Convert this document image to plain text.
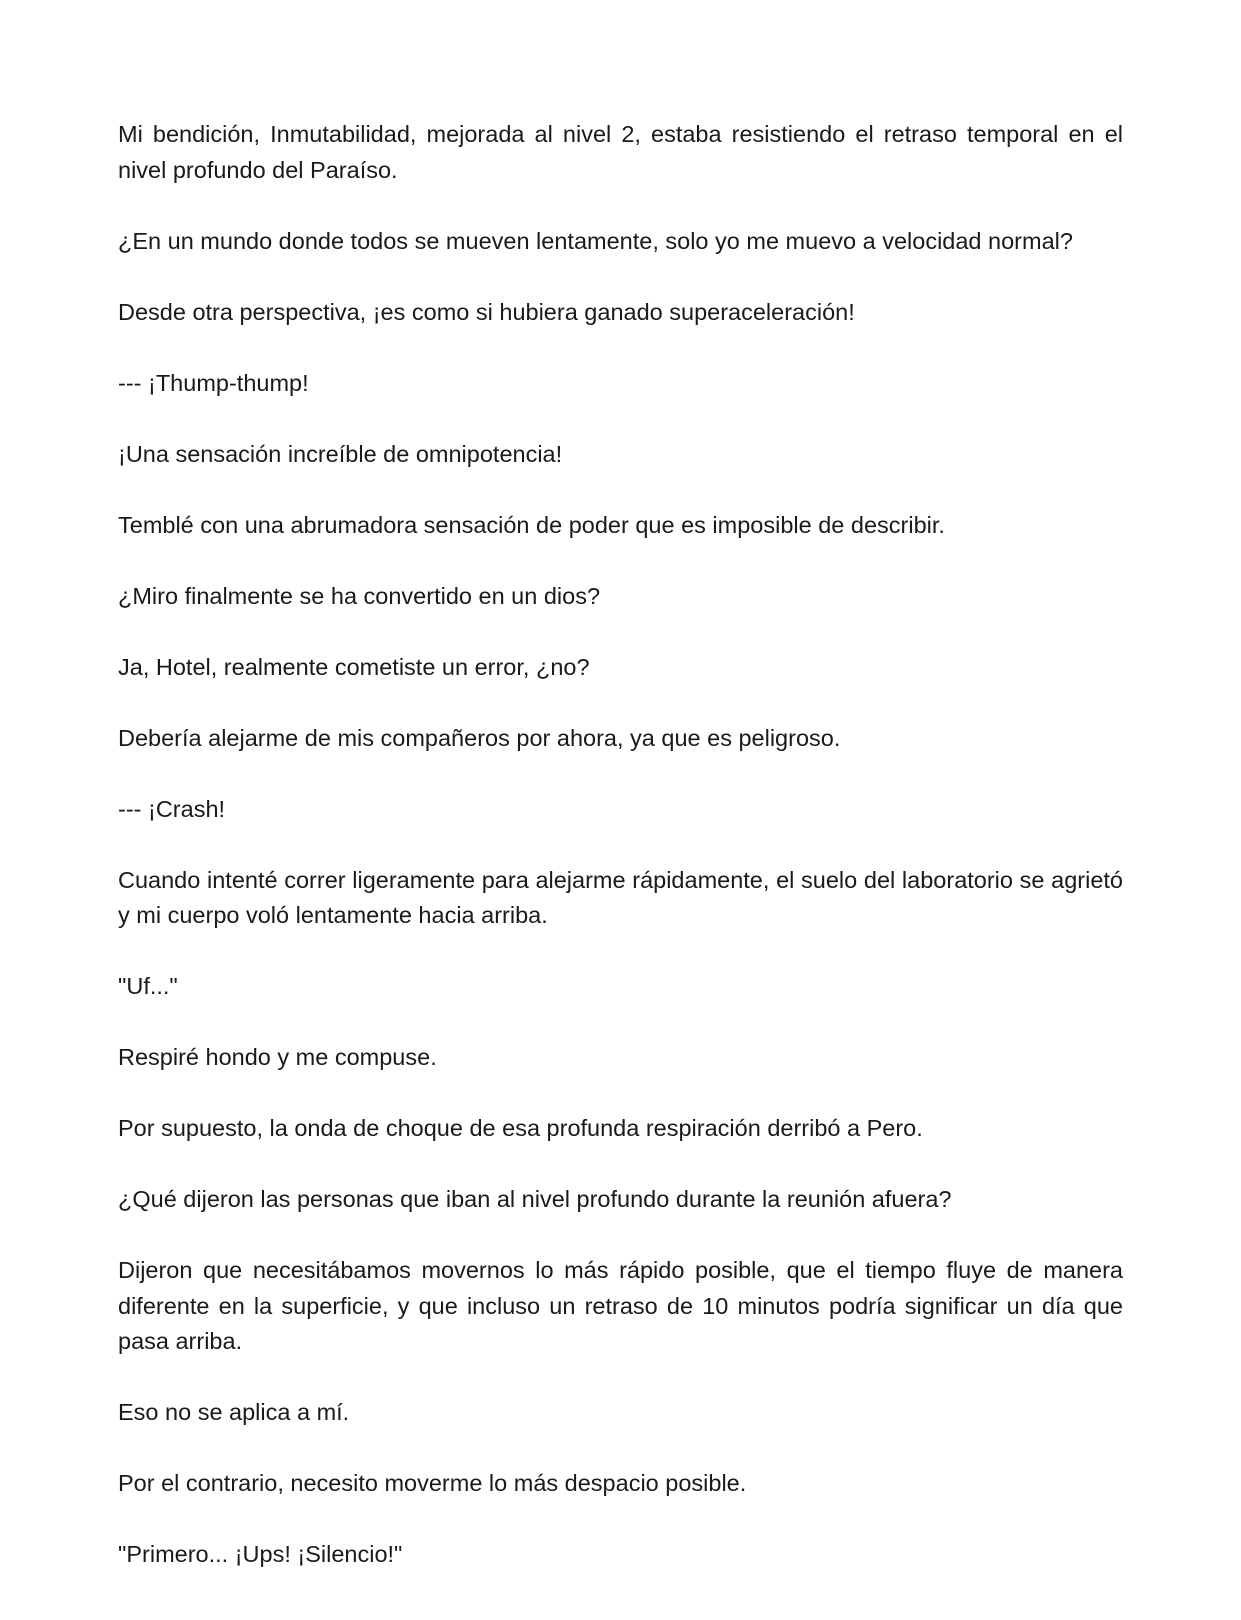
Mi bendición, Inmutabilidad, mejorada al nivel 2, estaba resistiendo el retraso temporal en el nivel profundo del Paraíso.

¿En un mundo donde todos se mueven lentamente, solo yo me muevo a velocidad normal?

Desde otra perspectiva, ¡es como si hubiera ganado superaceleración!

--- ¡Thump-thump!

¡Una sensación increíble de omnipotencia!

Temblé con una abrumadora sensación de poder que es imposible de describir.

¿Miro finalmente se ha convertido en un dios?

Ja, Hotel, realmente cometiste un error, ¿no?

Debería alejarme de mis compañeros por ahora, ya que es peligroso.

--- ¡Crash!

Cuando intenté correr ligeramente para alejarme rápidamente, el suelo del laboratorio se agrietó y mi cuerpo voló lentamente hacia arriba.

"Uf..."

Respiré hondo y me compuse.

Por supuesto, la onda de choque de esa profunda respiración derribó a Pero.

¿Qué dijeron las personas que iban al nivel profundo durante la reunión afuera?

Dijeron que necesitábamos movernos lo más rápido posible, que el tiempo fluye de manera diferente en la superficie, y que incluso un retraso de 10 minutos podría significar un día que pasa arriba.

Eso no se aplica a mí.

Por el contrario, necesito moverme lo más despacio posible.

"Primero... ¡Ups! ¡Silencio!"
